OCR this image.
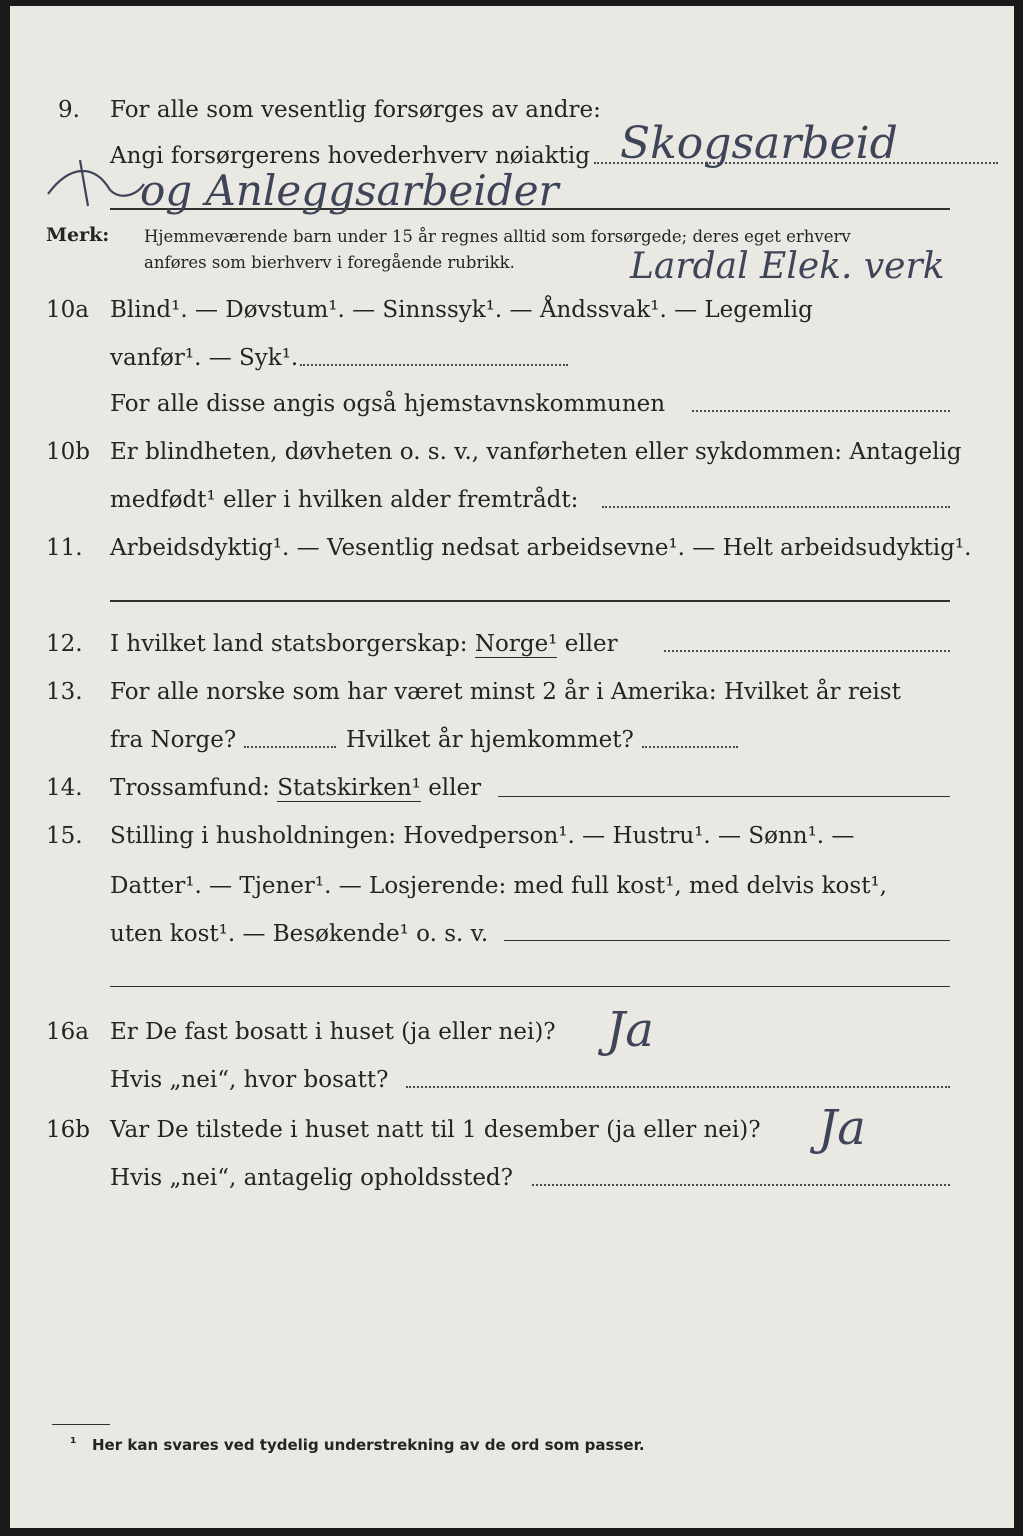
9. For alle som vesentlig forsørges av andre:
Angi forsørgerens hovederhverv nøiaktig Skogsarbeid
og Anleggsarbeider
Merk: Hjemmeværende barn under 15 år regnes alltid som forsørgede; deres eget erhverv
anføres som bierhverv i foregående rubrikk.	Lardal Elek. verk
10a Blind¹. — Døvstum¹. — Sinnssyk¹. — Åndssvak¹. — Legemlig
vanfør¹. — Syk¹.
For alle disse angis også hjemstavnskommunen
10b Er blindheten, døvheten o. s. v., vanførheten eller sykdommen: Antagelig
medfødt¹ eller i hvilken alder fremtrådt:
11. Arbeidsdyktig¹. — Vesentlig nedsat arbeidsevne¹. — Helt arbeidsudyktig¹.
12. I hvilket land statsborgerskap: Norge¹ eller
13. For alle norske som har været minst 2 år i Amerika: Hvilket år reist
fra Norge?	Hvilket år hjemkommet?
14. Trossamfund: Statskirken¹ eller
15. Stilling i husholdningen: Hovedperson¹. — Hustru¹. — Sønn¹. —
Datter¹. — Tjener¹. — Losjerende: med full kost¹, med delvis kost¹,
uten kost¹. — Besøkende¹ o. s. v.
16a Er De fast bosatt i huset (ja eller nei)? Ja
Hvis „nei“, hvor bosatt?
16b Var De tilstede i huset natt til 1 desember (ja eller nei)? Ja
Hvis „nei“, antagelig opholdssted?
¹ Her kan svares ved tydelig understrekning av de ord som passer.
